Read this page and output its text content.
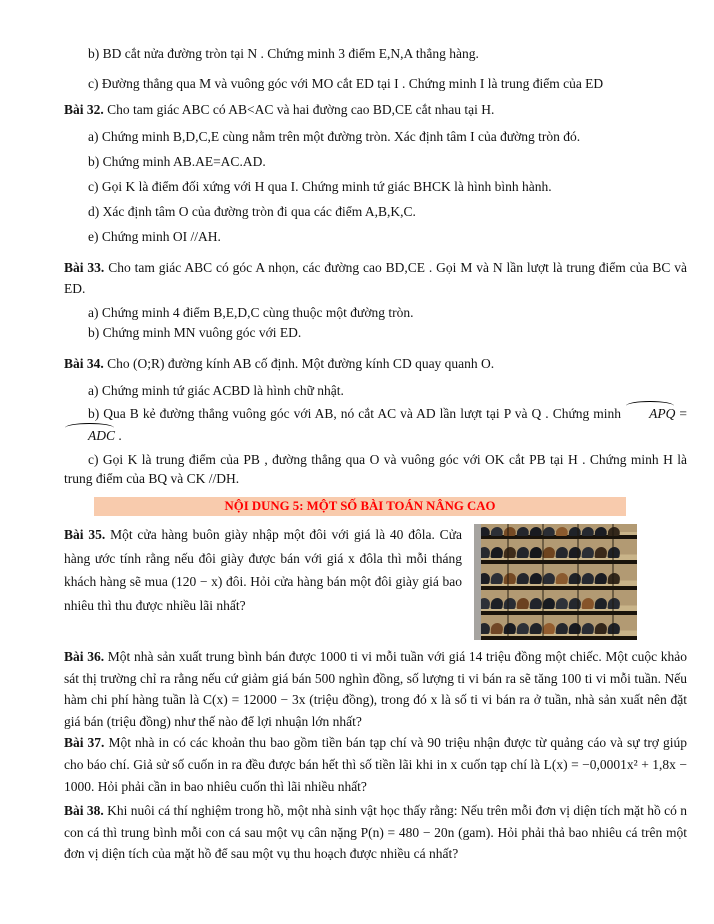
b) BD cắt nửa đường tròn tại N . Chứng minh 3 điểm E,N,A thẳng hàng.

c) Đường thẳng qua M và vuông góc với MO cắt ED tại I . Chứng minh I là trung điểm của ED

Bài 32. Cho tam giác ABC có AB<AC và hai đường cao BD,CE cắt nhau tại H.

a) Chứng minh B,D,C,E cùng nằm trên một đường tròn. Xác định tâm I của đường tròn đó.

b) Chứng minh AB.AE=AC.AD.

c) Gọi K là điểm đối xứng với H qua I. Chứng minh tứ giác BHCK là hình bình hành.

d) Xác định tâm O của đường tròn đi qua các điểm A,B,K,C.

e) Chứng minh OI //AH.

Bài 33. Cho tam giác ABC có góc A nhọn, các đường cao BD,CE . Gọi M và N lần lượt là trung điểm của BC và ED.

a) Chứng minh 4 điểm B,E,D,C cùng thuộc một đường tròn.

b) Chứng minh MN vuông góc với ED.

Bài 34. Cho (O;R) đường kính AB cố định. Một đường kính CD quay quanh O.

a) Chứng minh tứ giác ACBD là hình chữ nhật.

b) Qua B kẻ đường thẳng vuông góc với AB, nó cắt AC và AD lần lượt tại P và Q . Chứng minh APQ = ADC .

c) Gọi K là trung điểm của PB , đường thẳng qua O và vuông góc với OK cắt PB tại H . Chứng minh H là trung điểm của BQ và CK //DH.

NỘI DUNG 5: MỘT SỐ BÀI TOÁN NÂNG CAO

Bài 35. Một cửa hàng buôn giày nhập một đôi với giá là 40 đôla. Cửa hàng ước tính rằng nếu đôi giày được bán với giá x đôla thì mỗi tháng khách hàng sẽ mua (120 − x) đôi. Hỏi cửa hàng bán một đôi giày giá bao nhiêu thì thu được nhiều lãi nhất?

Bài 36. Một nhà sản xuất trung bình bán được 1000 ti vi mỗi tuần với giá 14 triệu đồng một chiếc. Một cuộc khảo sát thị trường chỉ ra rằng nếu cứ giảm giá bán 500 nghìn đồng, số lượng ti vi bán ra sẽ tăng 100 ti vi mỗi tuần. Nếu hàm chi phí hàng tuần là C(x) = 12000 − 3x (triệu đồng), trong đó x là số ti vi bán ra ở tuần, nhà sản xuất nên đặt giá bán (triệu đồng) như thế nào để lợi nhuận lớn nhất?

Bài 37. Một nhà in có các khoản thu bao gồm tiền bán tạp chí và 90 triệu nhận được từ quảng cáo và sự trợ giúp cho báo chí. Giả sử số cuốn in ra đều được bán hết thì số tiền lãi khi in x cuốn tạp chí là L(x) = −0,0001x² + 1,8x − 1000. Hỏi phải cần in bao nhiêu cuốn thì lãi nhiều nhất?

Bài 38. Khi nuôi cá thí nghiệm trong hồ, một nhà sinh vật học thấy rằng: Nếu trên mỗi đơn vị diện tích mặt hồ có n con cá thì trung bình mỗi con cá sau một vụ cân nặng P(n) = 480 − 20n (gam). Hỏi phải thả bao nhiêu cá trên một đơn vị diện tích của mặt hồ để sau một vụ thu hoạch được nhiều cá nhất?
